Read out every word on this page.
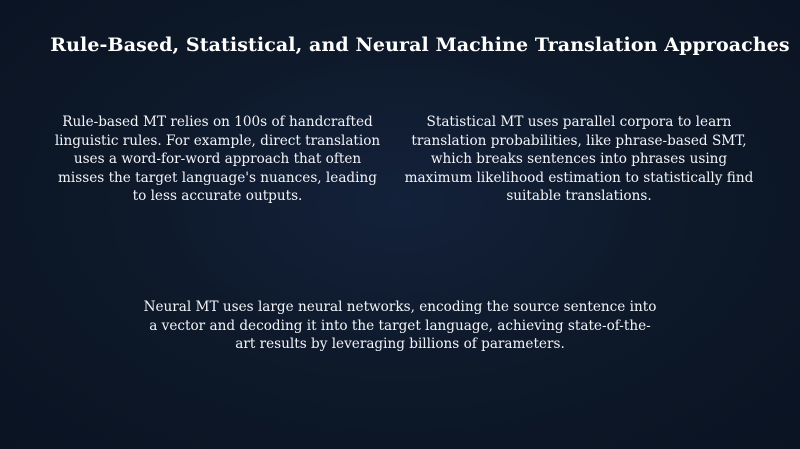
Rule-Based, Statistical, and Neural Machine Translation Approaches

Rule-based MT relies on 100s of handcrafted linguistic rules. For example, direct translation uses a word-for-word approach that often misses the target language's nuances, leading to less accurate outputs.

Statistical MT uses parallel corpora to learn translation probabilities, like phrase-based SMT, which breaks sentences into phrases using maximum likelihood estimation to statistically find suitable translations.

Neural MT uses large neural networks, encoding the source sentence into a vector and decoding it into the target language, achieving state-of-the-art results by leveraging billions of parameters.
